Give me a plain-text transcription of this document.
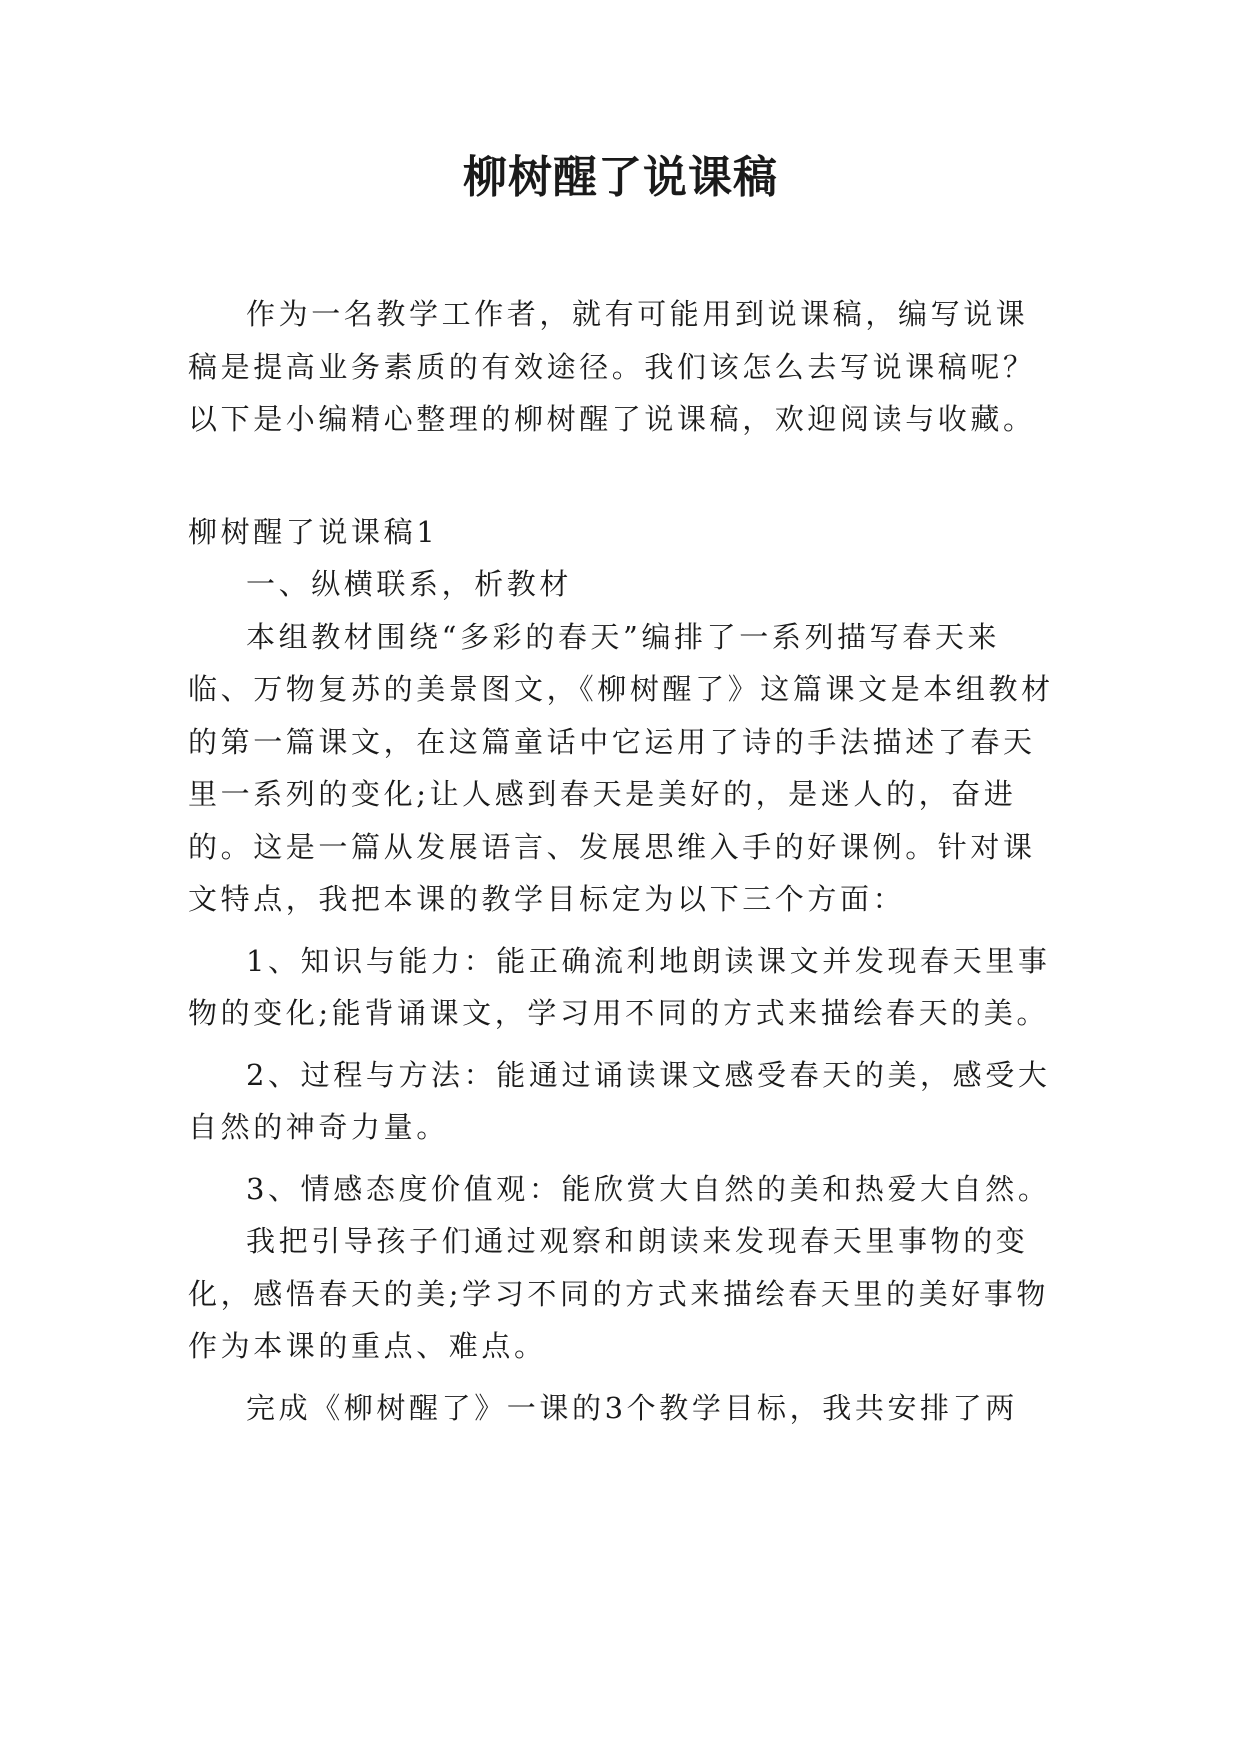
柳树醒了说课稿

作为一名教学工作者，就有可能用到说课稿，编写说课稿是提高业务素质的有效途径。我们该怎么去写说课稿呢？以下是小编精心整理的柳树醒了说课稿，欢迎阅读与收藏。

柳树醒了说课稿1

一、纵横联系，析教材

本组教材围绕“多彩的春天”编排了一系列描写春天来临、万物复苏的美景图文，《柳树醒了》这篇课文是本组教材的第一篇课文，在这篇童话中它运用了诗的手法描述了春天里一系列的变化;让人感到春天是美好的，是迷人的，奋进的。这是一篇从发展语言、发展思维入手的好课例。针对课文特点，我把本课的教学目标定为以下三个方面：

1、知识与能力：能正确流利地朗读课文并发现春天里事物的变化;能背诵课文，学习用不同的方式来描绘春天的美。

2、过程与方法：能通过诵读课文感受春天的美，感受大自然的神奇力量。

3、情感态度价值观：能欣赏大自然的美和热爱大自然。

我把引导孩子们通过观察和朗读来发现春天里事物的变化，感悟春天的美;学习不同的方式来描绘春天里的美好事物作为本课的重点、难点。

完成《柳树醒了》一课的3个教学目标，我共安排了两
